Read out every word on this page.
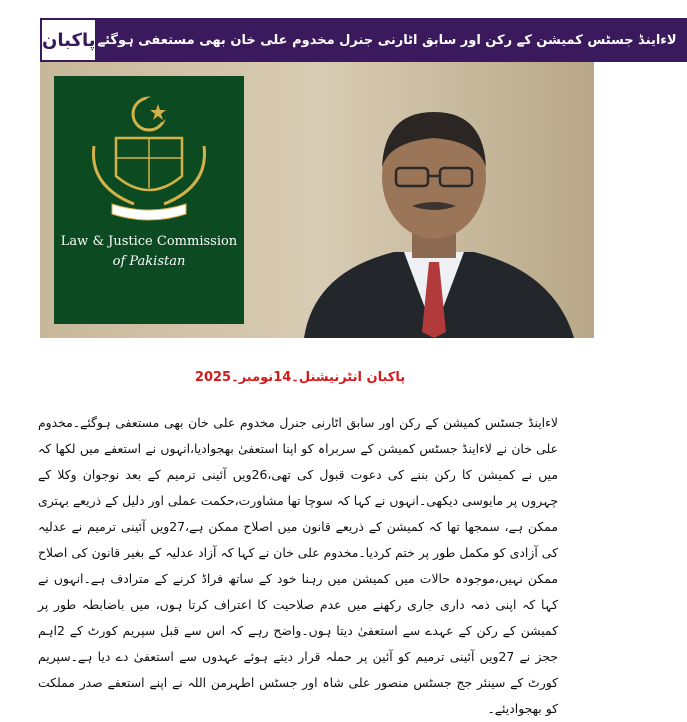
پاکبان لاءاینڈ جسٹس کمیشن کے رکن اور سابق اٹارنی جنرل مخدوم علی خان بھی مستعفی ہوگئے
Law & Justice Commission
of Pakistan
پاکبان انٹرنیشنل۔14نومبر۔2025
لاءاینڈ جسٹس کمیشن کے رکن اور سابق اٹارنی جنرل مخدوم علی خان بھی مستعفی ہوگئے۔مخدوم علی خان نے لاءاینڈ جسٹس کمیشن کے سربراہ کو اپنا استعفیٰ بھجوادیا،انہوں نے استعفے میں لکھا کہ میں نے کمیشن کا رکن بننے کی دعوت قبول کی تھی،26ویں آئینی ترمیم کے بعد نوجوان وکلا کے چہروں پر مایوسی دیکھی۔انہوں نے کہا کہ سوچا تھا مشاورت،حکمت عملی اور دلیل کے ذریعے بہتری ممکن ہے، سمجھا تھا کہ کمیشن کے ذریعے قانون میں اصلاح ممکن ہے،27ویں آئینی ترمیم نے عدلیہ کی آزادی کو مکمل طور پر ختم کردیا۔مخدوم علی خان نے کہا کہ آزاد عدلیہ کے بغیر قانون کی اصلاح ممکن نہیں،موجودہ حالات میں کمیشن میں رہنا خود کے ساتھ فراڈ کرنے کے مترادف ہے۔انہوں نے کہا کہ اپنی ذمہ داری جاری رکھنے میں عدم صلاحیت کا اعتراف کرتا ہوں، میں باضابطہ طور پر کمیشن کے رکن کے عہدے سے استعفیٰ دیتا ہوں۔واضح رہے کہ اس سے قبل سپریم کورٹ کے 2اہم ججز نے 27ویں آئینی ترمیم کو آئین پر حملہ قرار دیتے ہوئے عہدوں سے استعفیٰ دے دیا ہے۔سپریم کورٹ کے سینئر جج جسٹس منصور علی شاہ اور جسٹس اطہرمن اللہ نے اپنے استعفے صدر مملکت کو بھجوادیئے۔
